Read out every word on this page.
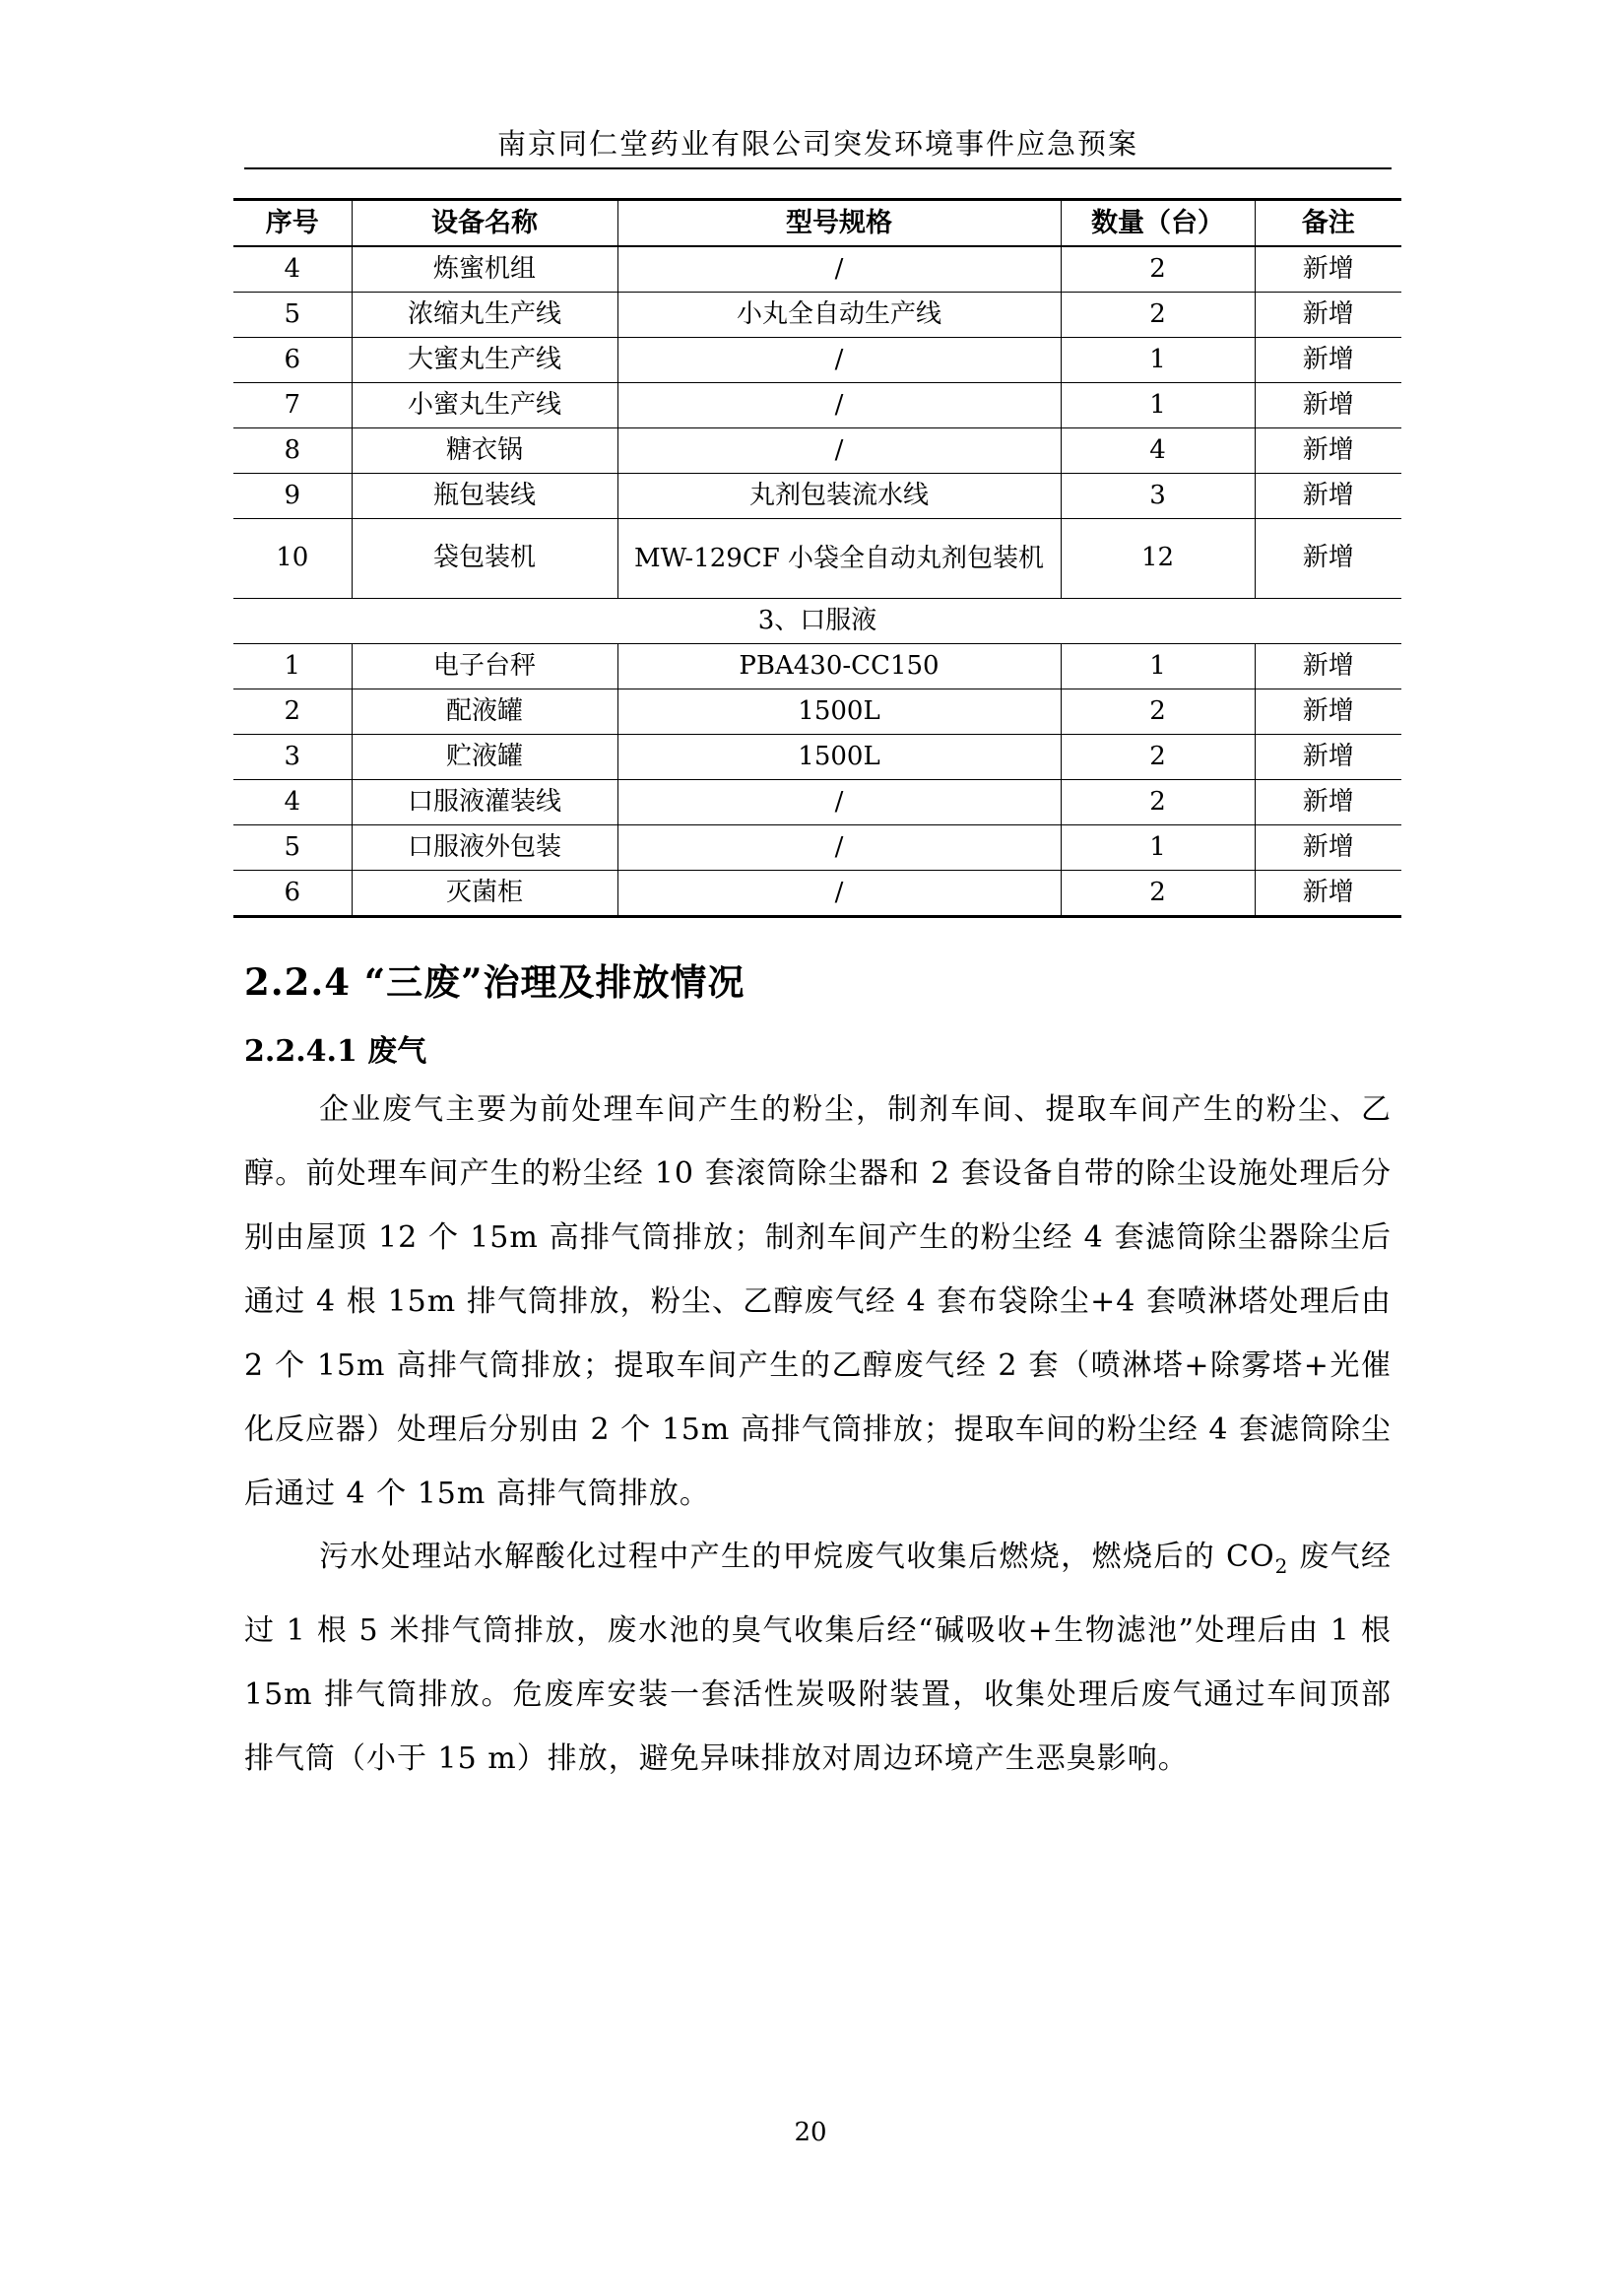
南京同仁堂药业有限公司突发环境事件应急预案
序号	设备名称	型号规格	数量（台）	备注
4	炼蜜机组	/	2	新增
5	浓缩丸生产线	小丸全自动生产线	2	新增
6	大蜜丸生产线	/	1	新增
7	小蜜丸生产线	/	1	新增
8	糖衣锅	/	4	新增
9	瓶包装线	丸剂包装流水线	3	新增
10	袋包装机	MW-129CF 小袋全自动丸剂包装机	12	新增
3、口服液				
1	电子台秤	PBA430-CC150	1	新增
2	配液罐	1500L	2	新增
3	贮液罐	1500L	2	新增
4	口服液灌装线	/	2	新增
5	口服液外包装	/	1	新增
6	灭菌柜	/	2	新增
2.2.4 “三废”治理及排放情况
2.2.4.1 废气

企业废气主要为前处理车间产生的粉尘，制剂车间、提取车间产生的粉尘、乙醇。前处理车间产生的粉尘经 10 套滚筒除尘器和 2 套设备自带的除尘设施处理后分别由屋顶 12 个 15m 高排气筒排放；制剂车间产生的粉尘经 4 套滤筒除尘器除尘后通过 4 根 15m 排气筒排放，粉尘、乙醇废气经 4 套布袋除尘+4 套喷淋塔处理后由 2 个 15m 高排气筒排放；提取车间产生的乙醇废气经 2 套（喷淋塔+除雾塔+光催化反应器）处理后分别由 2 个 15m 高排气筒排放；提取车间的粉尘经 4 套滤筒除尘后通过 4 个 15m 高排气筒排放。

污水处理站水解酸化过程中产生的甲烷废气收集后燃烧，燃烧后的 $CO_2$ 废气经过 1 根 5 米排气筒排放，废水池的臭气收集后经“碱吸收+生物滤池”处理后由 1 根 15m 排气筒排放。危废库安装一套活性炭吸附装置，收集处理后废气通过车间顶部排气筒（小于 15 m）排放，避免异味排放对周边环境产生恶臭影响。

20
